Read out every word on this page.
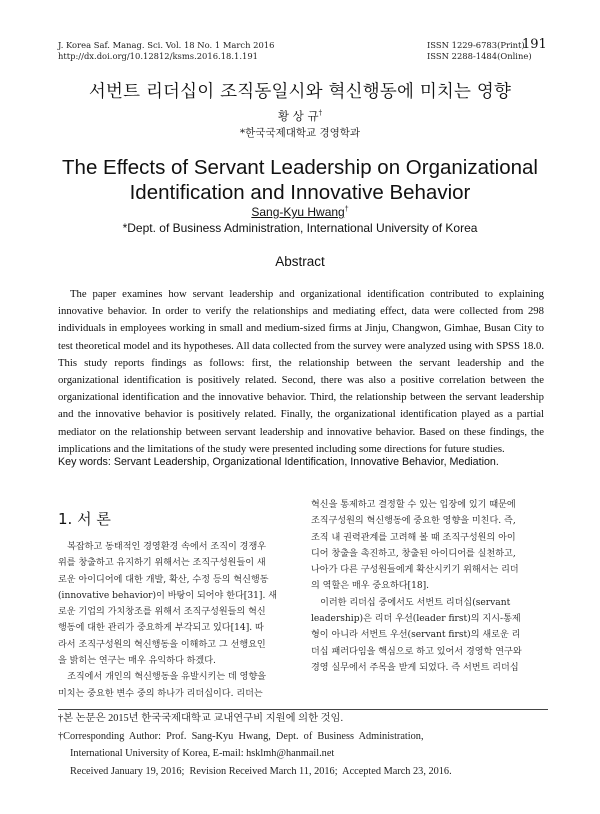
J. Korea Saf. Manag. Sci. Vol. 18 No. 1 March 2016
http://dx.doi.org/10.12812/ksms.2016.18.1.191
ISSN 1229-6783(Print)
ISSN 2288-1484(Online)
191
서번트 리더십이 조직동일시와 혁신행동에 미치는 영향
황 상 규†
*한국국제대학교 경영학과
The Effects of Servant Leadership on Organizational
Identification and Innovative Behavior
Sang-Kyu Hwang†
*Dept. of Business Administration, International University of Korea
Abstract
The paper examines how servant leadership and organizational identification contributed to explaining innovative behavior. In order to verify the relationships and mediating effect, data were collected from 298 individuals in employees working in small and medium-sized firms at Jinju, Changwon, Gimhae, Busan City to test theoretical model and its hypotheses. All data collected from the survey were analyzed using with SPSS 18.0. This study reports findings as follows: first, the relationship between the servant leadership and the organizational identification is positively related. Second, there was also a positive correlation between the organizational identification and the innovative behavior. Third, the relationship between the servant leadership and the innovative behavior is positively related. Finally, the organizational identification played as a partial mediator on the relationship between servant leadership and innovative behavior. Based on these findings, the implications and the limitations of the study were presented including some directions for future studies.
Key words: Servant Leadership, Organizational Identification, Innovative Behavior, Mediation.
1. 서 론
　복잡하고 동태적인 경영환경 속에서 조직이 경쟁우
위를 창출하고 유지하기 위해서는 조직구성원들이 새
로운 아이디어에 대한 개발, 확산, 수정 등의 혁신행동
(innovative behavior)이 바탕이 되어야 한다[31]. 새
로운 기업의 가치창조를 위해서 조직구성원들의 혁신
행동에 대한 관리가 중요하게 부각되고 있다[14]. 따
라서 조직구성원의 혁신행동을 이해하고 그 선행요인
을 밝히는 연구는 매우 유익하다 하겠다.
　조직에서 개인의 혁신행동을 유발시키는 데 영향을
미치는 중요한 변수 중의 하나가 리더십이다. 리더는
혁신을 통제하고 결정할 수 있는 입장에 있기 때문에
조직구성원의 혁신행동에 중요한 영향을 미친다. 즉,
조직 내 권력관계를 고려해 볼 때 조직구성원의 아이
디어 창출을 촉진하고, 창출된 아이디어를 실천하고,
나아가 다른 구성원들에게 확산시키기 위해서는 리더
의 역할은 매우 중요하다[18].
　이러한 리더십 중에서도 서번트 리더십(servant
leadership)은 리더 우선(leader first)의 지시-통제
형이 아니라 서번트 우선(servant first)의 새로운 리
더십 패러다임을 핵심으로 하고 있어서 경영학 연구와
경영 실무에서 주목을 받게 되었다. 즉 서번트 리더십
†본 논문은 2015년 한국국제대학교 교내연구비 지원에 의한 것임.
†Corresponding  Author:  Prof.  Sang-Kyu  Hwang,  Dept.  of  Business  Administration,
International University of Korea, E-mail: hsklmh@hanmail.net
Received January 19, 2016;  Revision Received March 11, 2016;  Accepted March 23, 2016.
